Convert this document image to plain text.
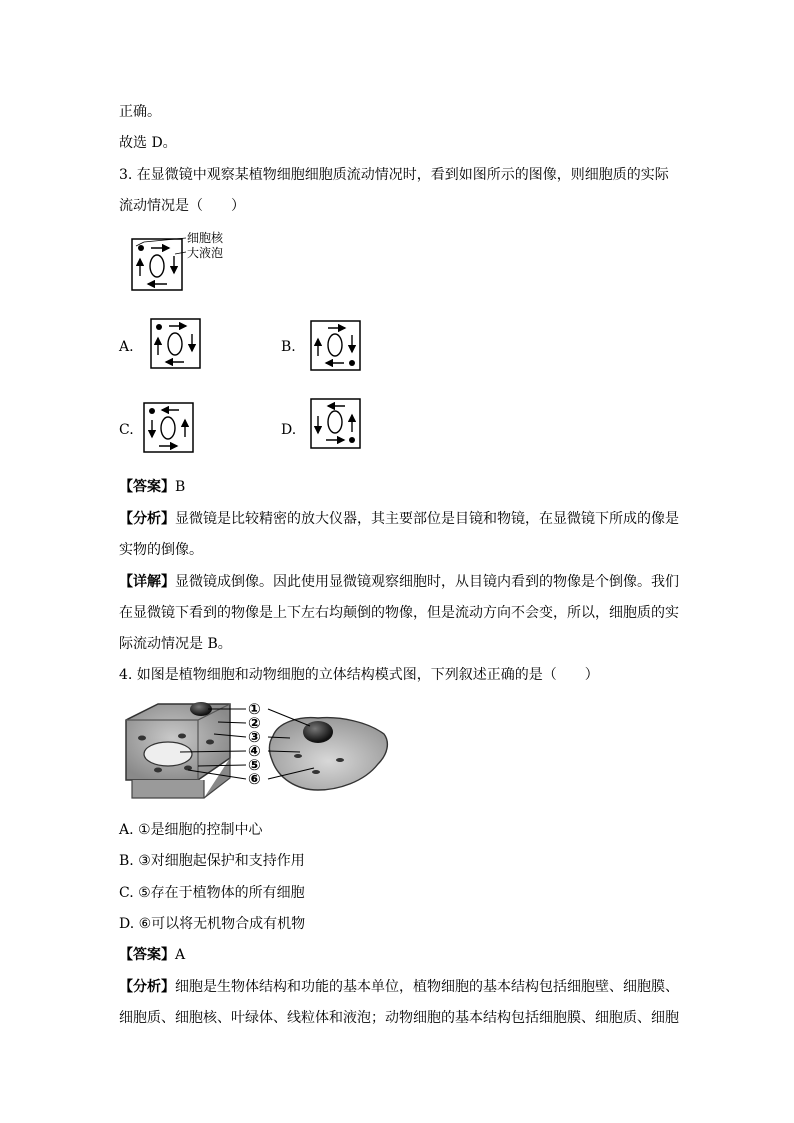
正确。
故选 D。
3. 在显微镜中观察某植物细胞细胞质流动情况时，看到如图所示的图像，则细胞质的实际
流动情况是（　　）
细胞核
大液泡
A.	B.
C.	D.
【答案】B
【分析】显微镜是比较精密的放大仪器，其主要部位是目镜和物镜，在显微镜下所成的像是
实物的倒像。
【详解】显微镜成倒像。因此使用显微镜观察细胞时，从目镜内看到的物像是个倒像。我们
在显微镜下看到的物像是上下左右均颠倒的物像，但是流动方向不会变，所以，细胞质的实
际流动情况是 B。
4. 如图是植物细胞和动物细胞的立体结构模式图，下列叙述正确的是（　　）
①
②
③
④
⑤
⑥
A. ①是细胞的控制中心
B. ③对细胞起保护和支持作用
C. ⑤存在于植物体的所有细胞
D. ⑥可以将无机物合成有机物
【答案】A
【分析】细胞是生物体结构和功能的基本单位，植物细胞的基本结构包括细胞壁、细胞膜、
细胞质、细胞核、叶绿体、线粒体和液泡；动物细胞的基本结构包括细胞膜、细胞质、细胞
